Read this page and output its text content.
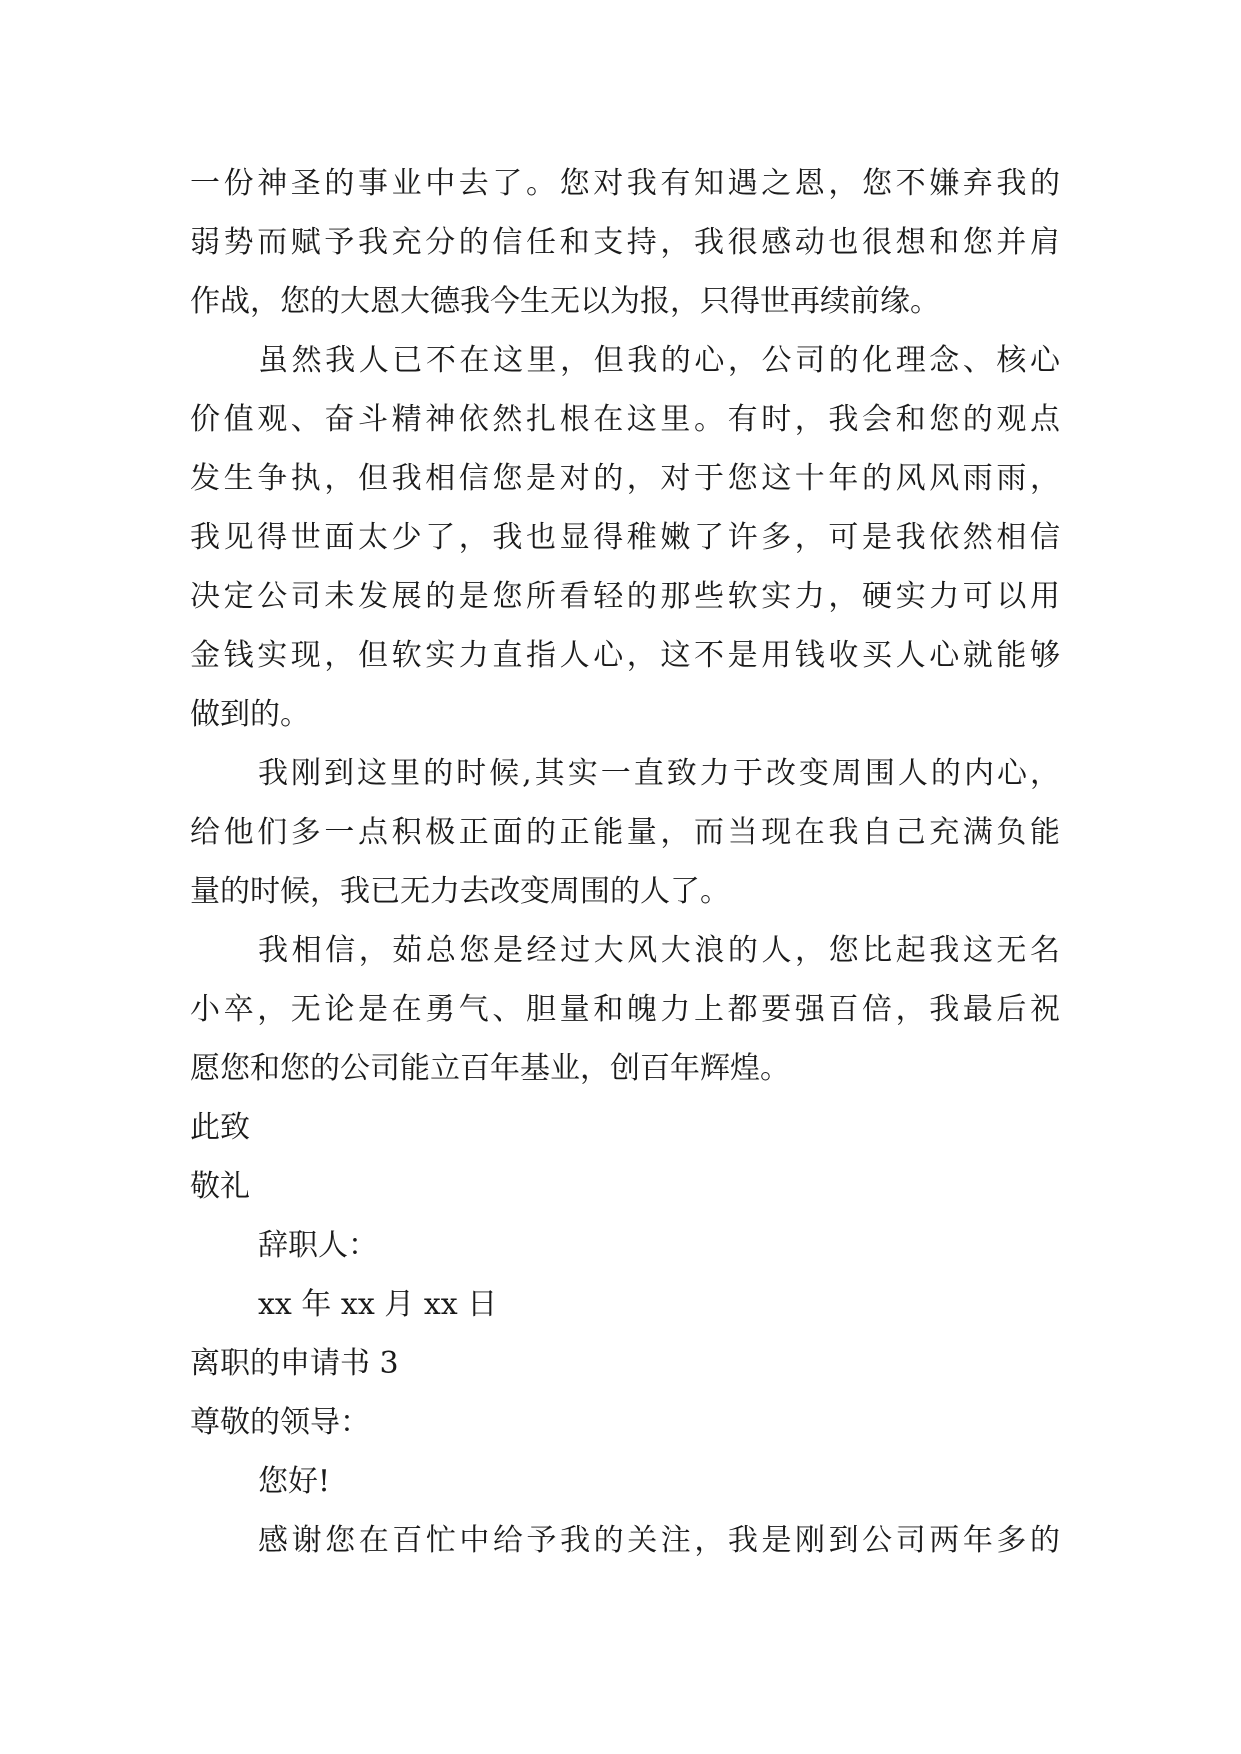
一份神圣的事业中去了。您对我有知遇之恩，您不嫌弃我的
弱势而赋予我充分的信任和支持，我很感动也很想和您并肩
作战，您的大恩大德我今生无以为报，只得世再续前缘。
虽然我人已不在这里，但我的心，公司的化理念、核心
价值观、奋斗精神依然扎根在这里。有时，我会和您的观点
发生争执，但我相信您是对的，对于您这十年的风风雨雨，
我见得世面太少了，我也显得稚嫩了许多，可是我依然相信
决定公司未发展的是您所看轻的那些软实力，硬实力可以用
金钱实现，但软实力直指人心，这不是用钱收买人心就能够
做到的。
我刚到这里的时候,其实一直致力于改变周围人的内心，
给他们多一点积极正面的正能量，而当现在我自己充满负能
量的时候，我已无力去改变周围的人了。
我相信，茹总您是经过大风大浪的人，您比起我这无名
小卒，无论是在勇气、胆量和魄力上都要强百倍，我最后祝
愿您和您的公司能立百年基业，创百年辉煌。
此致
敬礼
辞职人：
xx 年 xx 月 xx 日
离职的申请书 3
尊敬的领导：
您好!
感谢您在百忙中给予我的关注，我是刚到公司两年多的
